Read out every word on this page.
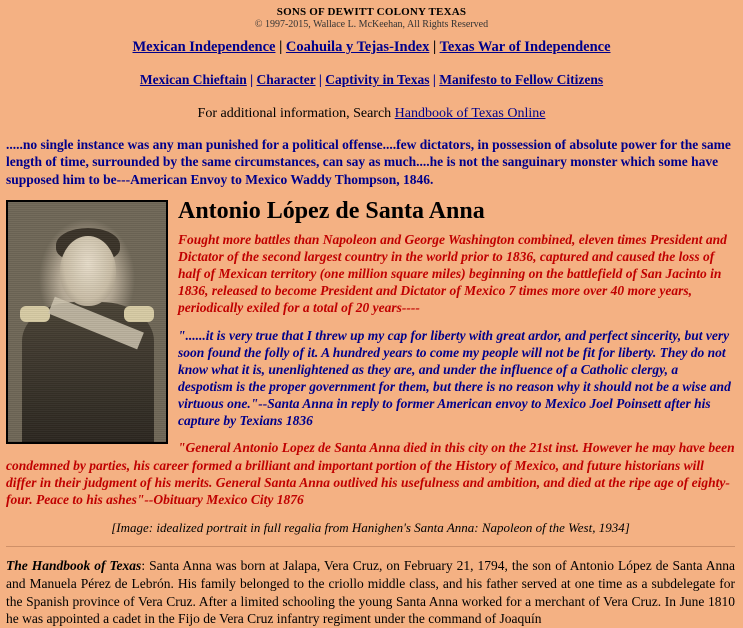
SONS OF DEWITT COLONY TEXAS
© 1997-2015, Wallace L. McKeehan, All Rights Reserved
Mexican Independence | Coahuila y Tejas-Index | Texas War of Independence
Mexican Chieftain | Character | Captivity in Texas | Manifesto to Fellow Citizens
For additional information, Search Handbook of Texas Online
.....no single instance was any man punished for a political offense....few dictators, in possession of absolute power for the same length of time, surrounded by the same circumstances, can say as much....he is not the sanguinary monster which some have supposed him to be---American Envoy to Mexico Waddy Thompson, 1846.
Antonio López de Santa Anna

Fought more battles than Napoleon and George Washington combined, eleven times President and Dictator of the second largest country in the world prior to 1836, captured and caused the loss of half of Mexican territory (one million square miles) beginning on the battlefield of San Jacinto in 1836, released to become President and Dictator of Mexico 7 times more over 40 more years, periodically exiled for a total of 20 years----

"......it is very true that I threw up my cap for liberty with great ardor, and perfect sincerity, but very soon found the folly of it. A hundred years to come my people will not be fit for liberty. They do not know what it is, unenlightened as they are, and under the influence of a Catholic clergy, a despotism is the proper government for them, but there is no reason why it should not be a wise and virtuous one."--Santa Anna in reply to former American envoy to Mexico Joel Poinsett after his capture by Texians 1836

"General Antonio Lopez de Santa Anna died in this city on the 21st inst. However he may have been condemned by parties, his career formed a brilliant and important portion of the History of Mexico, and future historians will differ in their judgment of his merits. General Santa Anna outlived his usefulness and ambition, and died at the ripe age of eighty-four. Peace to his ashes"--Obituary Mexico City 1876

[Image: idealized portrait in full regalia from Hanighen's Santa Anna: Napoleon of the West, 1934]
The Handbook of Texas: Santa Anna was born at Jalapa, Vera Cruz, on February 21, 1794, the son of Antonio López de Santa Anna and Manuela Pérez de Lebrón. His family belonged to the criollo middle class, and his father served at one time as a subdelegate for the Spanish province of Vera Cruz. After a limited schooling the young Santa Anna worked for a merchant of Vera Cruz. In June 1810 he was appointed a cadet in the Fijo de Vera Cruz infantry regiment under the command of Joaquín
